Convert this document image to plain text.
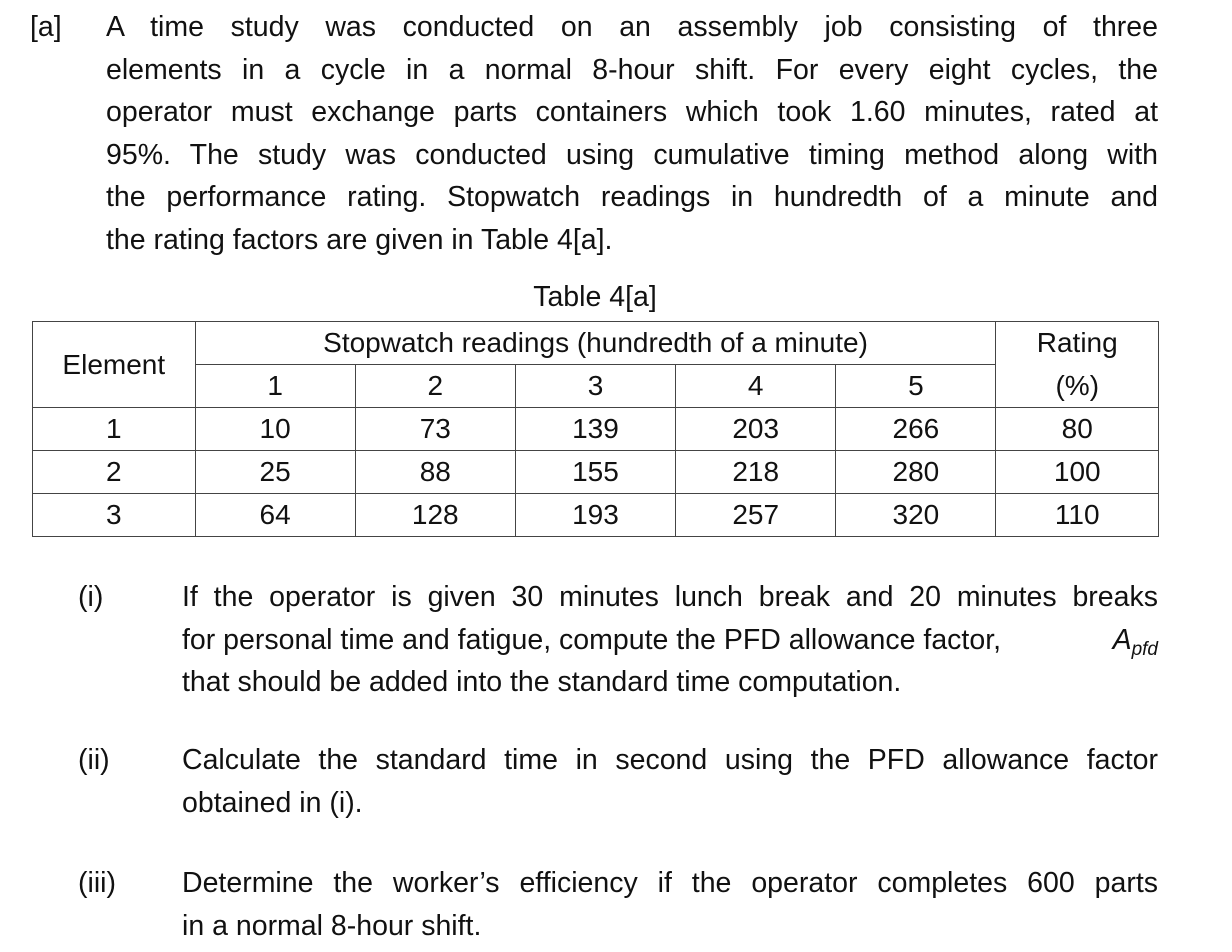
[a] A time study was conducted on an assembly job consisting of three
elements in a cycle in a normal 8-hour shift. For every eight cycles, the
operator must exchange parts containers which took 1.60 minutes, rated at
95%. The study was conducted using cumulative timing method along with
the performance rating. Stopwatch readings in hundredth of a minute and
the rating factors are given in Table 4[a].
Table 4[a]
Element	Stopwatch readings (hundredth of a minute)					Rating
	1	2	3	4	5	(%)
1	10	73	139	203	266	80
2	25	88	155	218	280	100
3	64	128	193	257	320	110
(i)	If the operator is given 30 minutes lunch break and 20 minutes breaks
for personal time and fatigue, compute the PFD allowance factor,	$A_{pfd}$
that should be added into the standard time computation.
(ii)	Calculate the standard time in second using the PFD allowance factor
obtained in (i).
(iii)	Determine the worker’s efficiency if the operator completes 600 parts
in a normal 8-hour shift.
